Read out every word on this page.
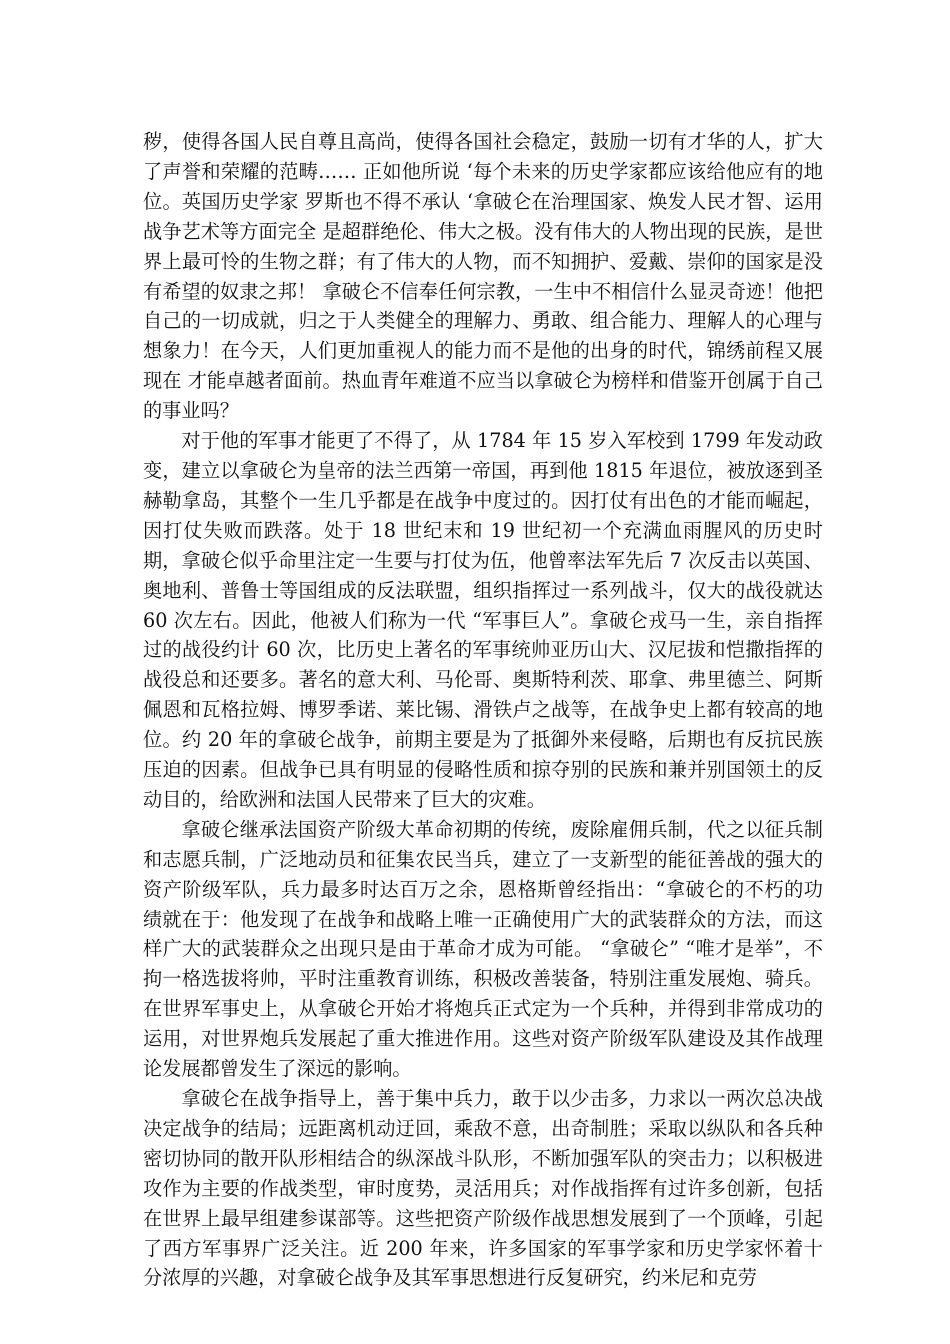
秽，使得各国人民自尊且高尚，使得各国社会稳定，鼓励一切有才华的人，扩大了声誉和荣耀的范畴…… 正如他所说 ‘每个未来的历史学家都应该给他应有的地位。英国历史学家 罗斯也不得不承认 ‘拿破仑在治理国家、焕发人民才智、运用战争艺术等方面完全 是超群绝伦、伟大之极。没有伟大的人物出现的民族，是世界上最可怜的生物之群；有了伟大的人物，而不知拥护、爱戴、崇仰的国家是没有希望的奴隶之邦！ 拿破仑不信奉任何宗教，一生中不相信什么显灵奇迹！他把自己的一切成就，归之于人类健全的理解力、勇敢、组合能力、理解人的心理与想象力！在今天，人们更加重视人的能力而不是他的出身的时代，锦绣前程又展现在 才能卓越者面前。热血青年难道不应当以拿破仑为榜样和借鉴开创属于自己的事业吗？

对于他的军事才能更了不得了，从 1784 年 15 岁入军校到 1799 年发动政变，建立以拿破仑为皇帝的法兰西第一帝国，再到他 1815 年退位，被放逐到圣赫勒拿岛，其整个一生几乎都是在战争中度过的。因打仗有出色的才能而崛起，因打仗失败而跌落。处于 18 世纪末和 19 世纪初一个充满血雨腥风的历史时期，拿破仑似乎命里注定一生要与打仗为伍，他曾率法军先后 7 次反击以英国、奥地利、普鲁士等国组成的反法联盟，组织指挥过一系列战斗，仅大的战役就达 60 次左右。因此，他被人们称为一代 “军事巨人”。拿破仑戎马一生，亲自指挥过的战役约计 60 次，比历史上著名的军事统帅亚历山大、汉尼拔和恺撒指挥的战役总和还要多。著名的意大利、马伦哥、奥斯特利茨、耶拿、弗里德兰、阿斯佩恩和瓦格拉姆、博罗季诺、莱比锡、滑铁卢之战等，在战争史上都有较高的地位。约 20 年的拿破仑战争，前期主要是为了抵御外来侵略，后期也有反抗民族压迫的因素。但战争已具有明显的侵略性质和掠夺别的民族和兼并别国领土的反动目的，给欧洲和法国人民带来了巨大的灾难。

拿破仑继承法国资产阶级大革命初期的传统，废除雇佣兵制，代之以征兵制和志愿兵制，广泛地动员和征集农民当兵，建立了一支新型的能征善战的强大的资产阶级军队，兵力最多时达百万之余，恩格斯曾经指出：“拿破仑的不朽的功绩就在于：他发现了在战争和战略上唯一正确使用广大的武装群众的方法，而这样广大的武装群众之出现只是由于革命才成为可能。 “拿破仑” “唯才是举”，不拘一格选拔将帅，平时注重教育训练，积极改善装备，特别注重发展炮、骑兵。在世界军事史上，从拿破仑开始才将炮兵正式定为一个兵种，并得到非常成功的运用，对世界炮兵发展起了重大推进作用。这些对资产阶级军队建设及其作战理论发展都曾发生了深远的影响。

拿破仑在战争指导上，善于集中兵力，敢于以少击多，力求以一两次总决战决定战争的结局；远距离机动迂回，乘敌不意，出奇制胜；采取以纵队和各兵种密切协同的散开队形相结合的纵深战斗队形，不断加强军队的突击力；以积极进攻作为主要的作战类型，审时度势，灵活用兵；对作战指挥有过许多创新，包括在世界上最早组建参谋部等。这些把资产阶级作战思想发展到了一个顶峰，引起了西方军事界广泛关注。近 200 年来，许多国家的军事学家和历史学家怀着十分浓厚的兴趣，对拿破仑战争及其军事思想进行反复研究，约米尼和克劳
